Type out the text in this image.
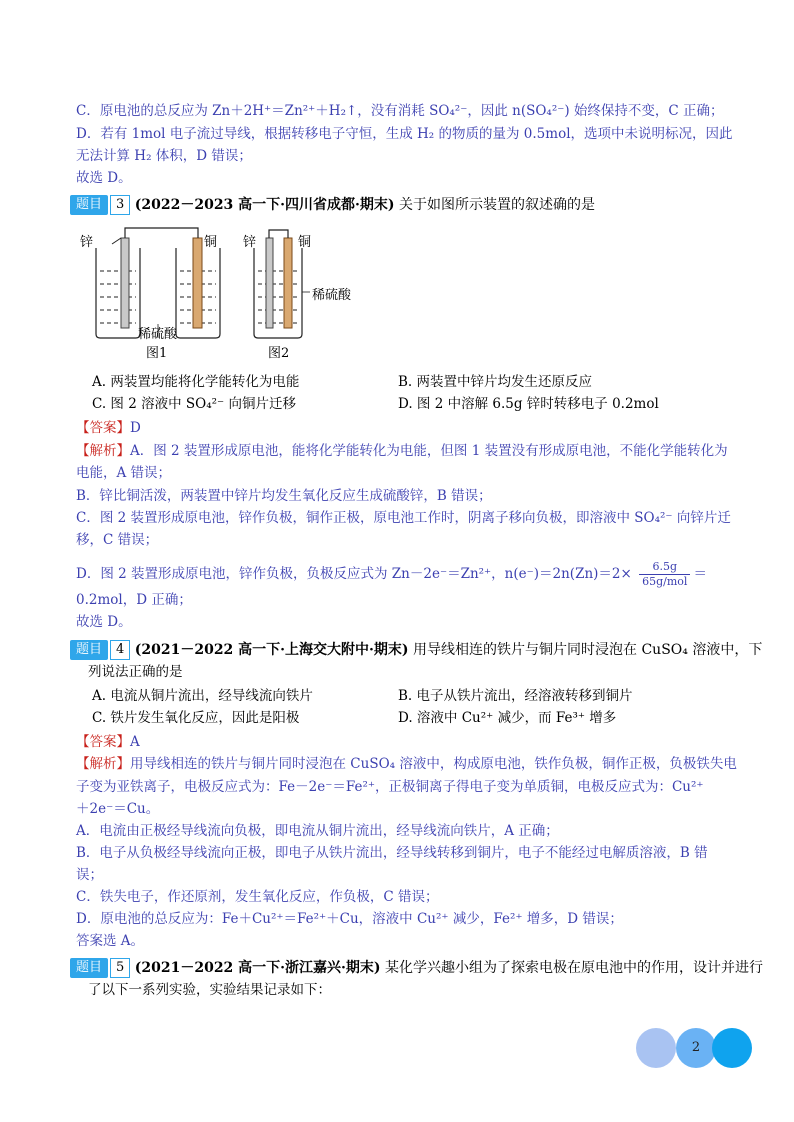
C．原电池的总反应为 Zn＋2H⁺＝Zn²⁺＋H₂↑，没有消耗 SO₄²⁻，因此 n(SO₄²⁻) 始终保持不变，C 正确；
D．若有 1mol 电子流过导线，根据转移电子守恒，生成 H₂ 的物质的量为 0.5mol，选项中未说明标况，因此
无法计算 H₂ 体积，D 错误；
故选 D。
题目 3 (2022－2023 高一下·四川省成都·期末) 关于如图所示装置的叙述确的是
锌	铜
稀硫酸
图1
锌	铜
稀硫酸
图2
A. 两装置均能将化学能转化为电能	B. 两装置中锌片均发生还原反应
C. 图 2 溶液中 SO₄²⁻ 向铜片迁移	D. 图 2 中溶解 6.5g 锌时转移电子 0.2mol
【答案】D
【解析】A．图 2 装置形成原电池，能将化学能转化为电能，但图 1 装置没有形成原电池，不能化学能转化为
电能，A 错误；
B．锌比铜活泼，两装置中锌片均发生氧化反应生成硫酸锌，B 错误；
C．图 2 装置形成原电池，锌作负极，铜作正极，原电池工作时，阴离子移向负极，即溶液中 SO₄²⁻ 向锌片迁
移，C 错误；
D．图 2 装置形成原电池，锌作负极，负极反应式为 Zn－2e⁻＝Zn²⁺，n(e⁻)＝2n(Zn)＝2×	6.5g
65g/mol ＝
0.2mol，D 正确；
故选 D。
题目 4 (2021－2022 高一下·上海交大附中·期末) 用导线相连的铁片与铜片同时浸泡在 CuSO₄ 溶液中，下
列说法正确的是
A. 电流从铜片流出，经导线流向铁片	B. 电子从铁片流出，经溶液转移到铜片
C. 铁片发生氧化反应，因此是阳极	D. 溶液中 Cu²⁺ 减少，而 Fe³⁺ 增多
【答案】A
【解析】用导线相连的铁片与铜片同时浸泡在 CuSO₄ 溶液中，构成原电池，铁作负极，铜作正极，负极铁失电
子变为亚铁离子，电极反应式为：Fe－2e⁻＝Fe²⁺，正极铜离子得电子变为单质铜，电极反应式为：Cu²⁺
＋2e⁻＝Cu。
A．电流由正极经导线流向负极，即电流从铜片流出，经导线流向铁片，A 正确；
B．电子从负极经导线流向正极，即电子从铁片流出，经导线转移到铜片，电子不能经过电解质溶液，B 错
误；
C．铁失电子，作还原剂，发生氧化反应，作负极，C 错误；
D．原电池的总反应为：Fe＋Cu²⁺＝Fe²⁺＋Cu，溶液中 Cu²⁺ 减少，Fe²⁺ 增多，D 错误；
答案选 A。
题目 5 (2021－2022 高一下·浙江嘉兴·期末) 某化学兴趣小组为了探索电极在原电池中的作用，设计并进行
了以下一系列实验，实验结果记录如下：
2
